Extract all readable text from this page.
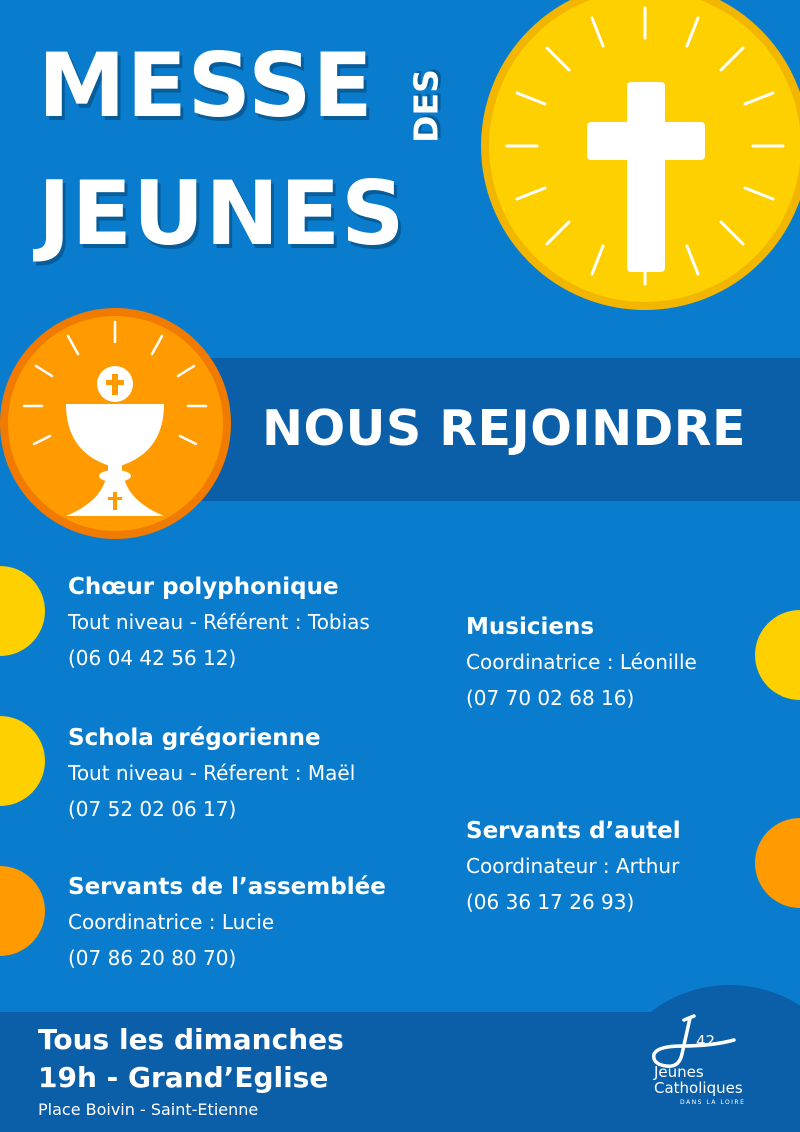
MESSE DES
JEUNES
NOUS REJOINDRE
Chœur polyphonique

Tout niveau - Référent : Tobias

(06 04 42 56 12)

Schola grégorienne

Tout niveau - Réferent : Maël

(07 52 02 06 17)

Servants de l’assemblée

Coordinatrice : Lucie

(07 86 20 80 70)

Musiciens

Coordinatrice : Léonille

(07 70 02 68 16)

Servants d’autel

Coordinateur : Arthur

(06 36 17 26 93)

Tous les dimanches
19h - Grand’Eglise
Place Boivin - Saint-Etienne
42
Jeunes
Catholiques
DANS LA LOIRE
